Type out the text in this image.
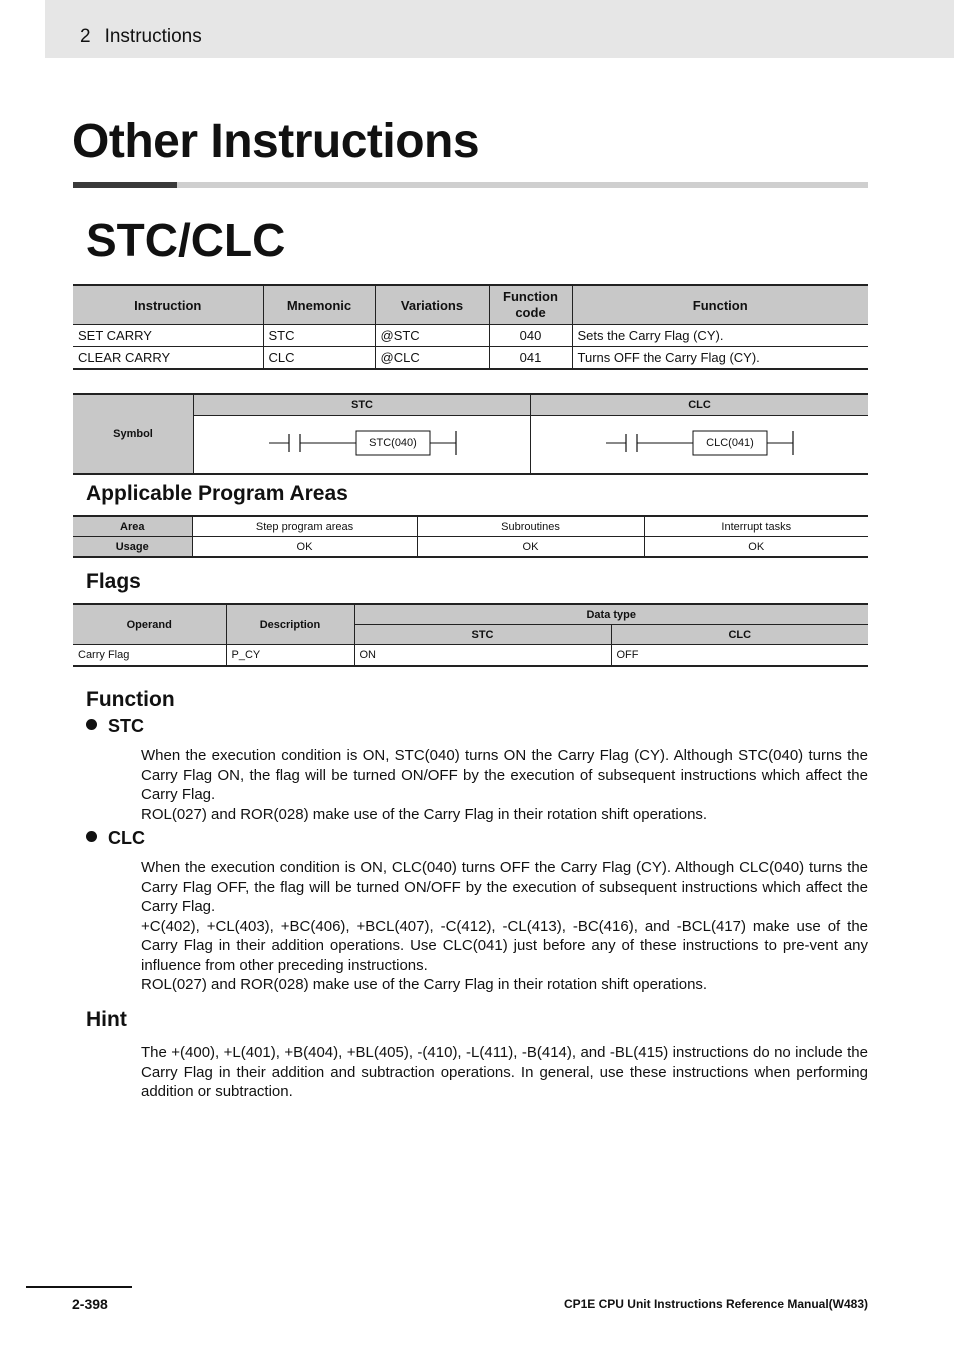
2 Instructions
Other Instructions
STC/CLC
Instruction	Mnemonic	Variations	Function code	Function
SET CARRY	STC	@STC	040	Sets the Carry Flag (CY).
CLEAR CARRY	CLC	@CLC	041	Turns OFF the Carry Flag (CY).
Symbol
STC	CLC
STC(040)	CLC(041)
Applicable Program Areas
Area	Step program areas	Subroutines	Interrupt tasks
Usage	OK	OK	OK
Flags
Operand	Description	Data type	
		STC	CLC
Carry Flag	P_CY	ON	OFF
Function
STC

When the execution condition is ON, STC(040) turns ON the Carry Flag (CY). Although STC(040) turns the Carry Flag ON, the flag will be turned ON/OFF by the execution of subsequent instructions which affect the Carry Flag.

ROL(027) and ROR(028) make use of the Carry Flag in their rotation shift operations.

CLC

When the execution condition is ON, CLC(040) turns OFF the Carry Flag (CY). Although CLC(040) turns the Carry Flag OFF, the flag will be turned ON/OFF by the execution of subsequent instructions which affect the Carry Flag.

+C(402), +CL(403), +BC(406), +BCL(407), -C(412), -CL(413), -BC(416), and -BCL(417) make use of the Carry Flag in their addition operations. Use CLC(041) just before any of these instructions to pre-vent any influence from other preceding instructions.

ROL(027) and ROR(028) make use of the Carry Flag in their rotation shift operations.

Hint

The +(400), +L(401), +B(404), +BL(405), -(410), -L(411), -B(414), and -BL(415) instructions do no include the Carry Flag in their addition and subtraction operations. In general, use these instructions when performing addition or subtraction.

2-398	CP1E CPU Unit Instructions Reference Manual(W483)
